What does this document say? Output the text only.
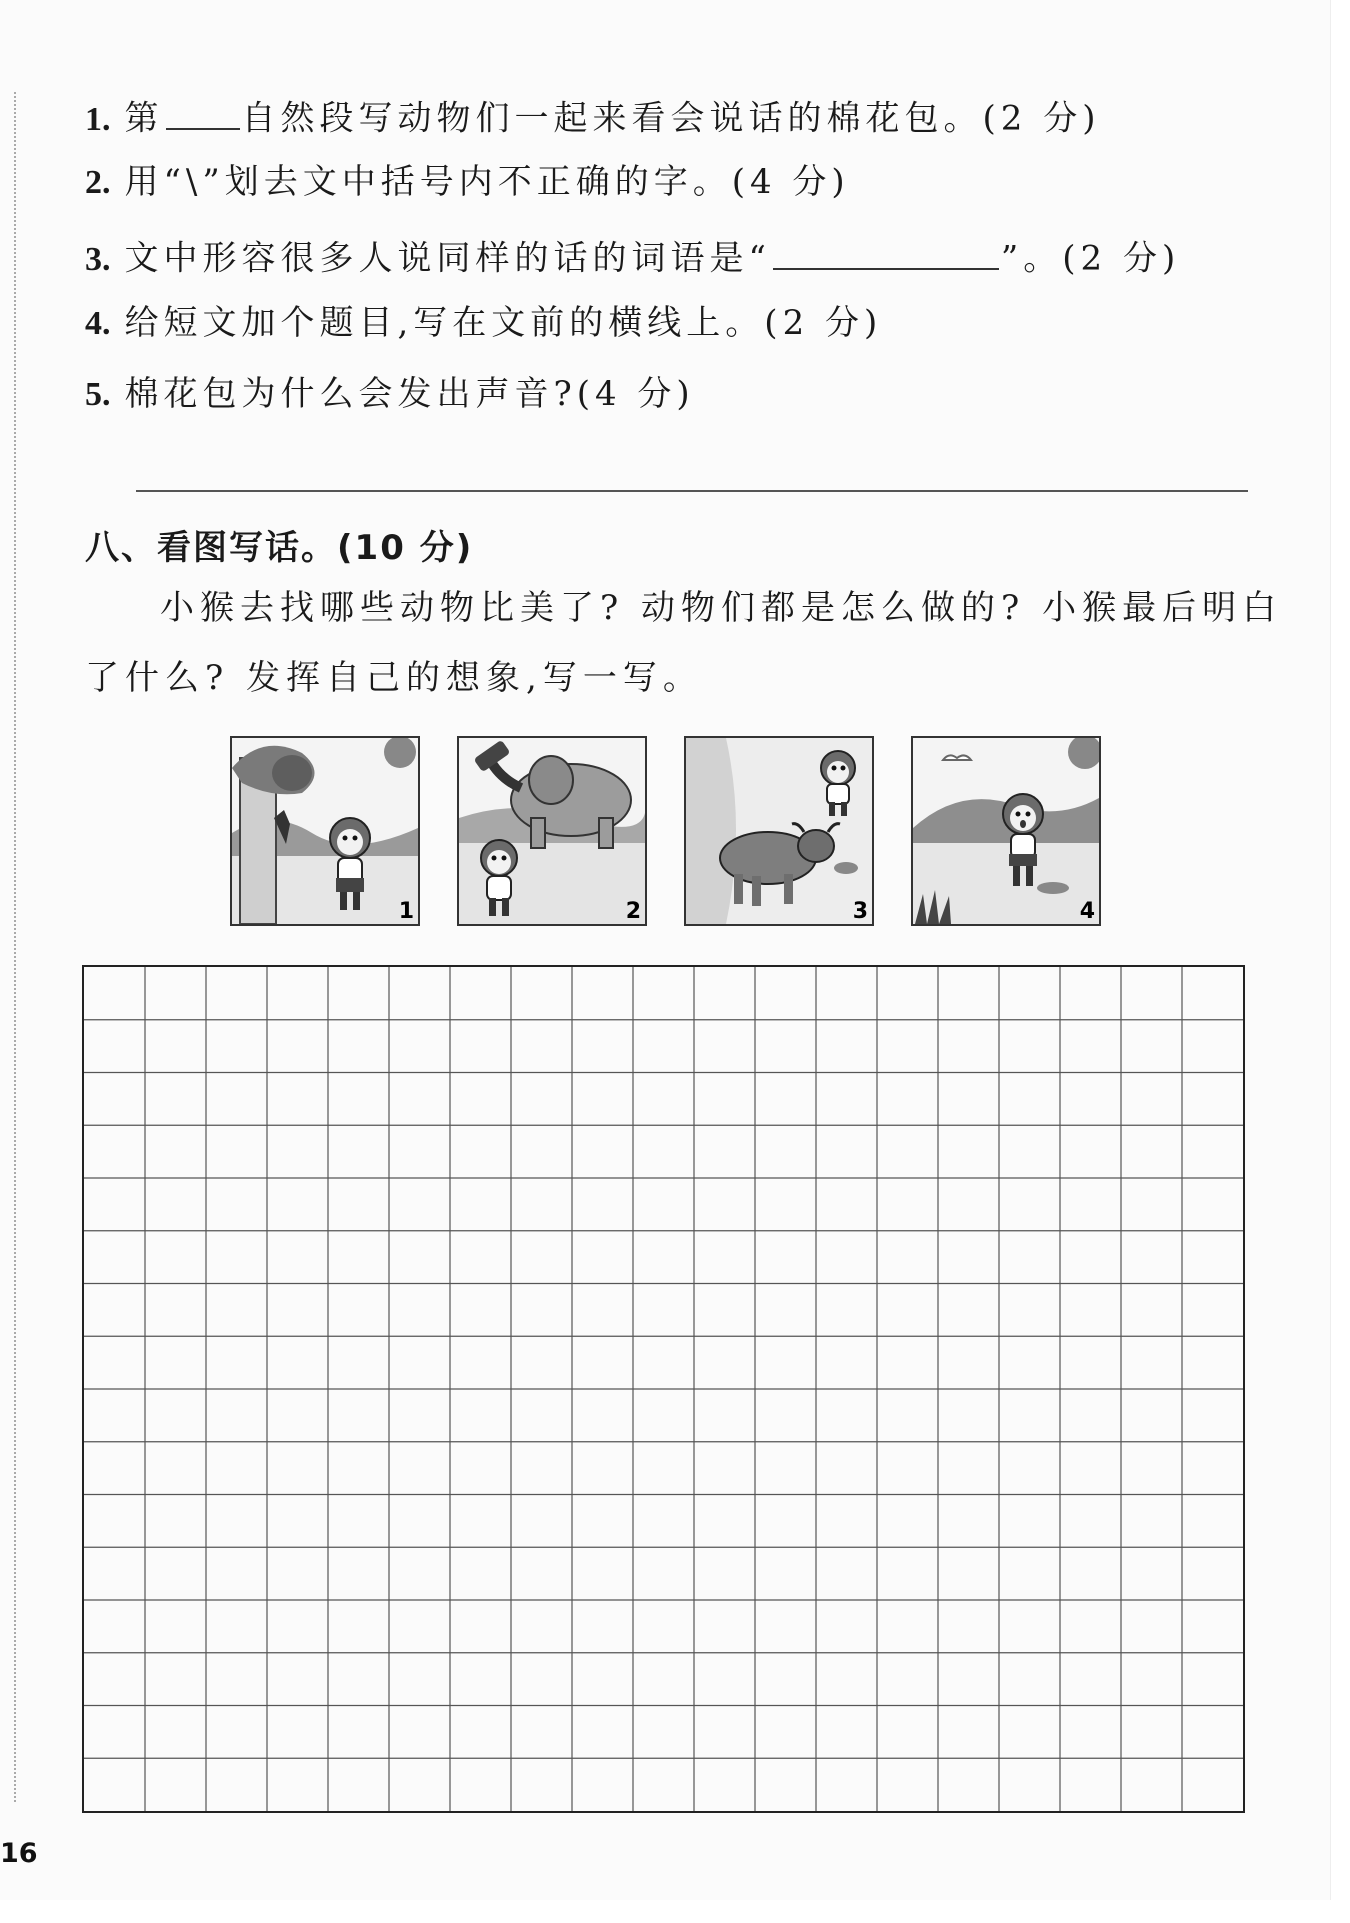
1. 第 自然段写动物们一起来看会说话的棉花包。(2 分)
2. 用“\”划去文中括号内不正确的字。(4 分)
3. 文中形容很多人说同样的话的词语是“	”。(2 分)
4. 给短文加个题目,写在文前的横线上。(2 分)
5. 棉花包为什么会发出声音?(4 分)
八、看图写话。(10 分)
小猴去找哪些动物比美了? 动物们都是怎么做的? 小猴最后明白
了什么? 发挥自己的想象,写一写。
1	2	3	4
16
